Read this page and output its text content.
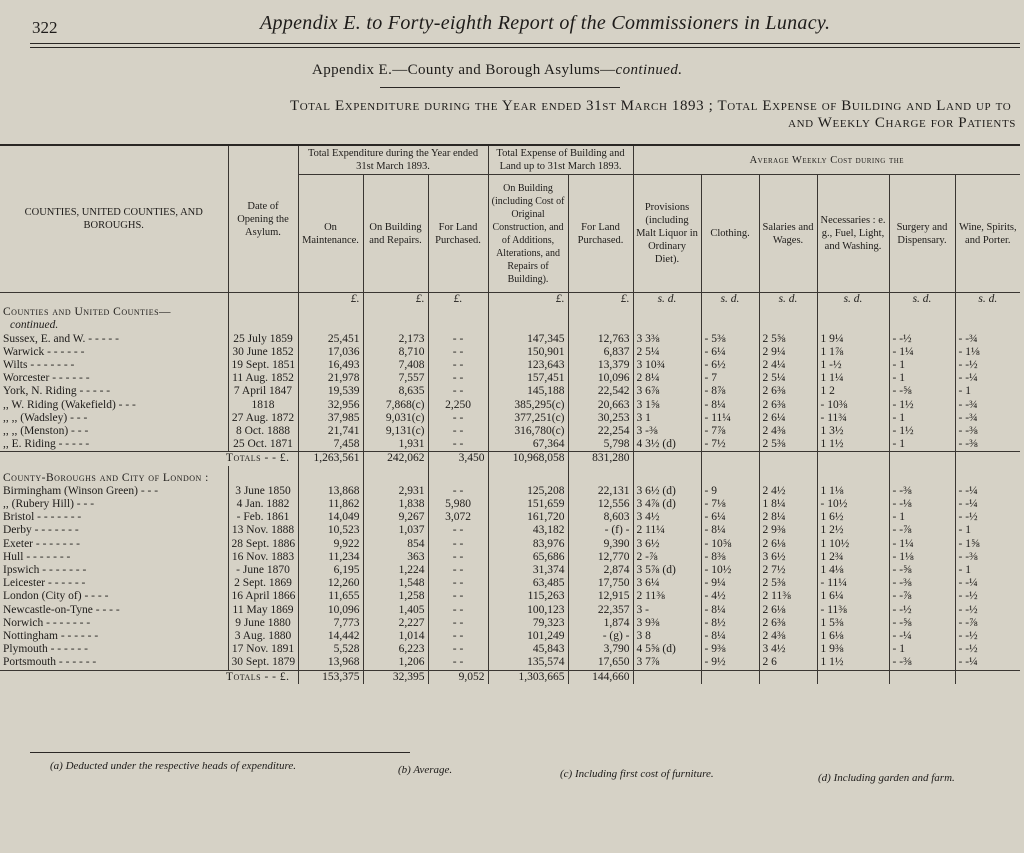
322	Appendix E. to Forty-eighth Report of the Commissioners in Lunacy.
Appendix E.—County and Borough Asylums—continued.
Total Expenditure during the Year ended 31st March 1893 ; Total Expense of Building and Land up to
and Weekly Charge for Patients
COUNTIES, UNITED COUNTIES, AND BOROUGHS.	Date of Opening the Asylum.	Total Expenditure during the Year ended 31st March 1893.			Total Expense of Building and Land up to 31st March 1893.		Average Weekly Cost during the					
		On Maintenance.	On Building and Repairs.	For Land Purchased.	On Building (including Cost of Original Construction, and of Additions, Alterations, and Repairs of Building).	For Land Purchased.	Provisions (including Malt Liquor in Ordinary Diet).	Clothing.	Salaries and Wages.	Necessaries : e. g., Fuel, Light, and Washing.	Surgery and Dispensary.	Wine, Spirits, and Porter.
		£.	£.	£.	£.	£.	s. d.	s. d.	s. d.	s. d.	s. d.	s. d.
Counties and United Counties—												
continued.												
Sussex, E. and W. - - - - -	25 July 1859	25,451	2,173	- -	147,345	12,763	3 3⅜	- 5⅜	2 5⅝	1 9¼	- -½	- -¾
Warwick - - - - - -	30 June 1852	17,036	8,710	- -	150,901	6,837	2 5¼	- 6¼	2 9¼	1 1⅞	- 1¼	- 1⅛
Wilts - - - - - - -	19 Sept. 1851	16,493	7,408	- -	123,643	13,379	3 10¾	- 6½	2 4¼	1 -½	- 1	- -½
Worcester - - - - - -	11 Aug. 1852	21,978	7,557	- -	157,451	10,096	2 8¼	- 7	2 5¼	1 1¼	- 1	- -¼
York, N. Riding - - - - -	7 April 1847	19,539	8,635	- -	145,188	22,542	3 6⅞	- 8⅞	2 6⅜	1 2	- -⅝	- 1
,, W. Riding (Wakefield) - - -	1818	32,956	7,868(c)	2,250	385,295(c)	20,663	3 1⅝	- 8¼	2 6⅜	- 10⅜	- 1½	- -¾
,, ,, (Wadsley) - - -	27 Aug. 1872	37,985	9,031(c)	- -	377,251(c)	30,253	3 1	- 11¼	2 6¼	- 11¾	- 1	- -¾
,, ,, (Menston) - - -	8 Oct. 1888	21,741	9,131(c)	- -	316,780(c)	22,254	3 -⅜	- 7⅞	2 4⅜	1 3½	- 1½	- -⅜
,, E. Riding - - - - -	25 Oct. 1871	7,458	1,931	- -	67,364	5,798	4 3½ (d)	- 7½	2 5⅜	1 1½	- 1	- -⅜
Totals - - £.		1,263,561	242,062	3,450	10,968,058	831,280						

County-Boroughs and City of London :												
Birmingham (Winson Green) - - -	3 June 1850	13,868	2,931	- -	125,208	22,131	3 6½ (d)	- 9	2 4½	1 1⅛	- -⅜	- -¼
,, (Rubery Hill) - - -	4 Jan. 1882	11,862	1,838	5,980	151,659	12,556	3 4⅞ (d)	- 7⅛	1 8¼	- 10½	- -⅛	- -¼
Bristol - - - - - - -	- Feb. 1861	14,049	9,267	3,072	161,720	8,603	3 4½	- 6¼	2 8¼	1 6½	- 1	- -½
Derby - - - - - - -	13 Nov. 1888	10,523	1,037	- -	43,182	- (f) -	2 11¼	- 8¼	2 9⅜	1 2½	- -⅞	- 1
Exeter - - - - - - -	28 Sept. 1886	9,922	854	- -	83,976	9,390	3 6½	- 10⅝	2 6⅛	1 10½	- 1¼	- 1⅝
Hull - - - - - - -	16 Nov. 1883	11,234	363	- -	65,686	12,770	2 -⅞	- 8⅜	3 6½	1 2¾	- 1⅛	- -⅜
Ipswich - - - - - - -	- June 1870	6,195	1,224	- -	31,374	2,874	3 5⅞ (d)	- 10½	2 7½	1 4⅛	- -⅝	- 1
Leicester - - - - - -	2 Sept. 1869	12,260	1,548	- -	63,485	17,750	3 6¼	- 9¼	2 5⅜	- 11¼	- -⅜	- -¼
London (City of) - - - -	16 April 1866	11,655	1,258	- -	115,263	12,915	2 11⅜	- 4½	2 11⅜	1 6¼	- -⅞	- -½
Newcastle-on-Tyne - - - -	11 May 1869	10,096	1,405	- -	100,123	22,357	3 -	- 8¼	2 6⅛	- 11⅜	- -½	- -½
Norwich - - - - - - -	9 June 1880	7,773	2,227	- -	79,323	1,874	3 9⅜	- 8½	2 6⅜	1 5⅜	- -⅝	- -⅞
Nottingham - - - - - -	3 Aug. 1880	14,442	1,014	- -	101,249	- (g) -	3 8	- 8¼	2 4⅜	1 6⅛	- -¼	- -½
Plymouth - - - - - -	17 Nov. 1891	5,528	6,223	- -	45,843	3,790	4 5⅝ (d)	- 9⅜	3 4½	1 9⅜	- 1	- -½
Portsmouth - - - - - -	30 Sept. 1879	13,968	1,206	- -	135,574	17,650	3 7⅞	- 9½	2 6	1 1½	- -⅜	- -¼
Totals - - £.		153,375	32,395	9,052	1,303,665	144,660						
(a) Deducted under the respective heads of expenditure.	(b) Average.	(c) Including first cost of furniture.	(d) Including garden and farm.
